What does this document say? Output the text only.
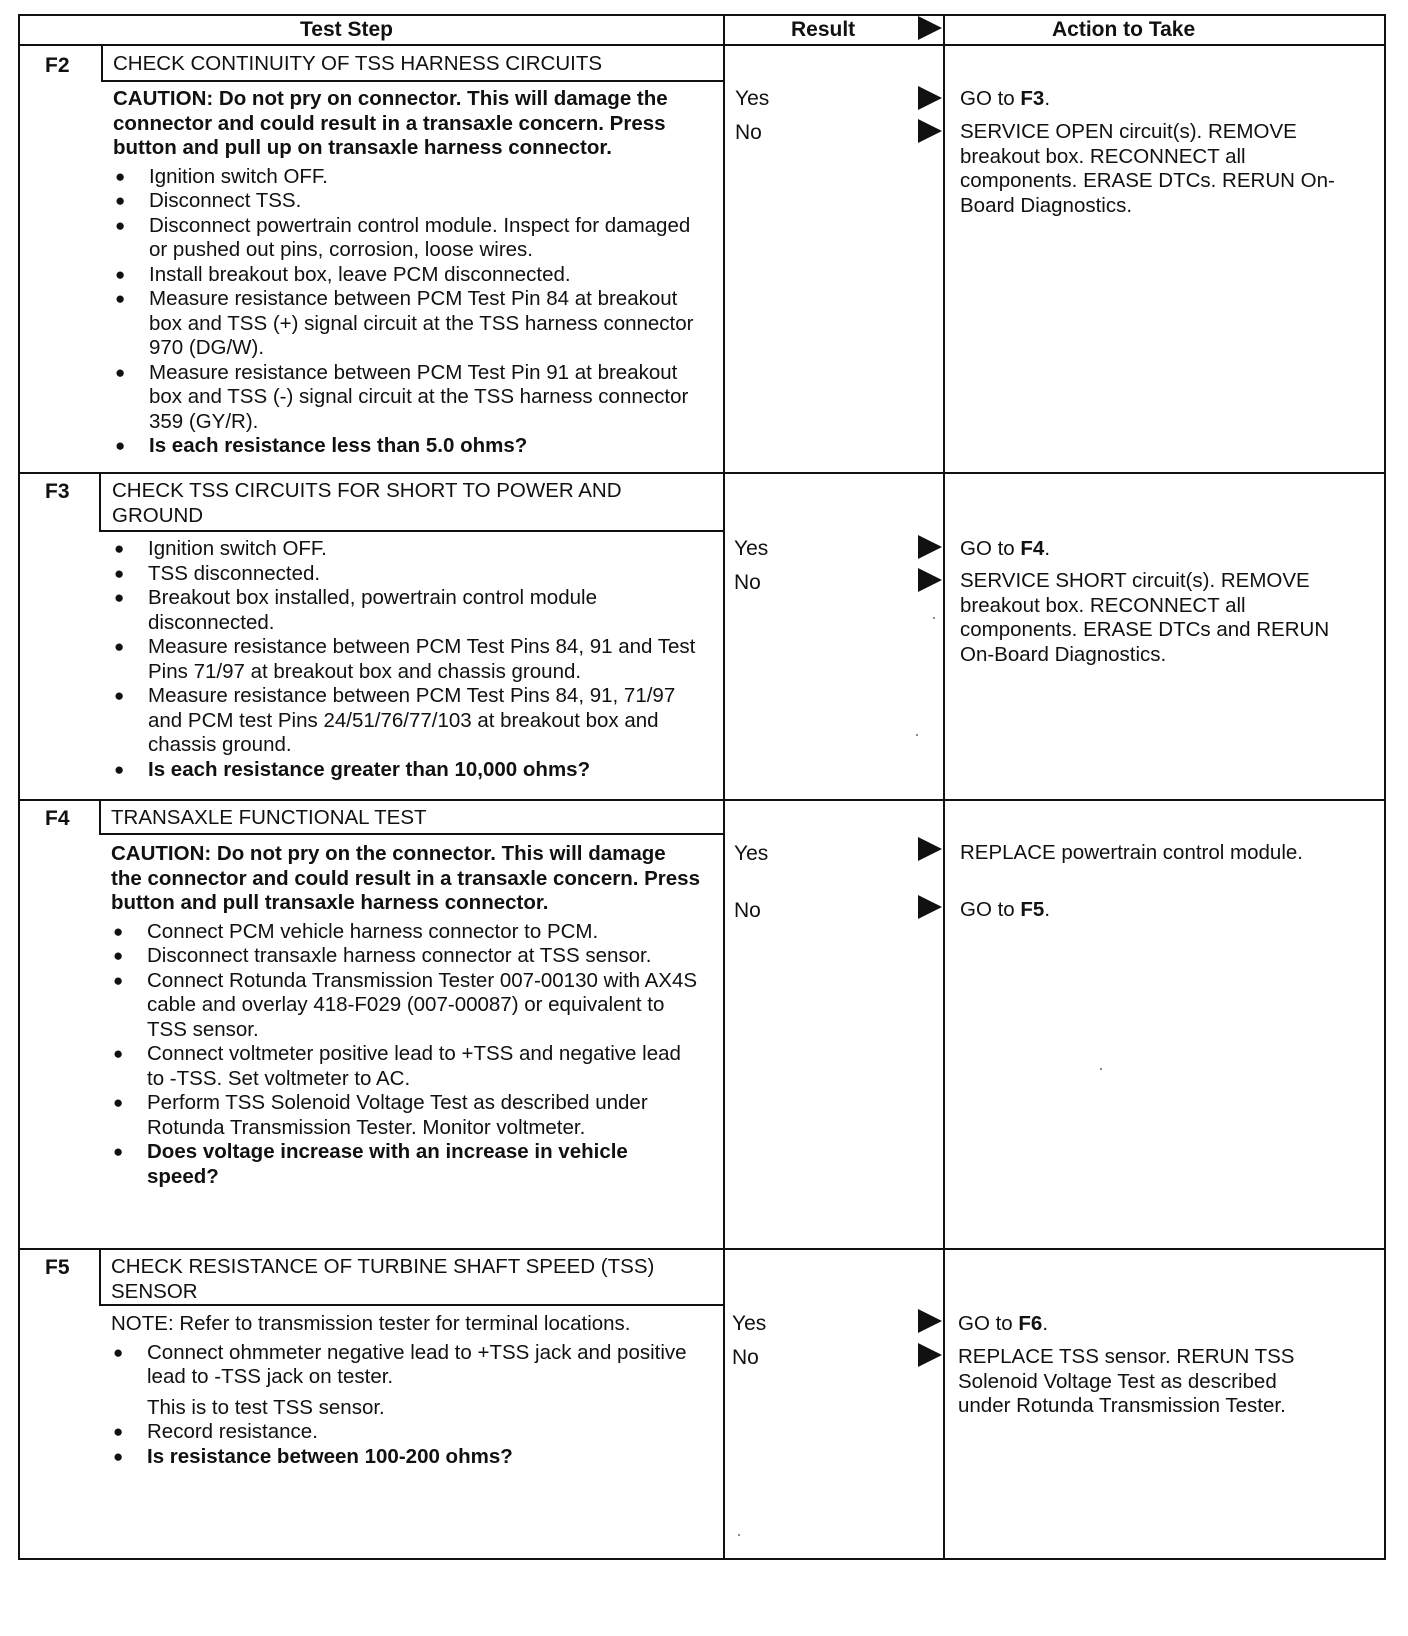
Test Step	Result	Action to Take
F2 CHECK CONTINUITY OF TSS HARNESS CIRCUITS
CAUTION: Do not pry on connector. This will damage the connector and could result in a transaxle concern. Press button and pull up on transaxle harness connector.
● Ignition switch OFF.
● Disconnect TSS.
● Disconnect powertrain control module. Inspect for damaged or pushed out pins, corrosion, loose wires.
● Install breakout box, leave PCM disconnected.
● Measure resistance between PCM Test Pin 84 at breakout box and TSS (+) signal circuit at the TSS harness connector 970 (DG/W).
● Measure resistance between PCM Test Pin 91 at breakout box and TSS (-) signal circuit at the TSS harness connector 359 (GY/R).
● Is each resistance less than 5.0 ohms?
Yes
No
GO to F3.
SERVICE OPEN circuit(s). REMOVE breakout box. RECONNECT all components. ERASE DTCs. RERUN On-Board Diagnostics.
F3 CHECK TSS CIRCUITS FOR SHORT TO POWER AND GROUND
● Ignition switch OFF.
● TSS disconnected.
● Breakout box installed, powertrain control module disconnected.
● Measure resistance between PCM Test Pins 84, 91 and Test Pins 71/97 at breakout box and chassis ground.
● Measure resistance between PCM Test Pins 84, 91, 71/97 and PCM test Pins 24/51/76/77/103 at breakout box and chassis ground.
● Is each resistance greater than 10,000 ohms?
Yes
No
GO to F4.
SERVICE SHORT circuit(s). REMOVE breakout box. RECONNECT all components. ERASE DTCs and RERUN On-Board Diagnostics.
F4 TRANSAXLE FUNCTIONAL TEST
CAUTION: Do not pry on the connector. This will damage the connector and could result in a transaxle concern. Press button and pull transaxle harness connector.
● Connect PCM vehicle harness connector to PCM.
● Disconnect transaxle harness connector at TSS sensor.
● Connect Rotunda Transmission Tester 007-00130 with AX4S cable and overlay 418-F029 (007-00087) or equivalent to TSS sensor.
● Connect voltmeter positive lead to +TSS and negative lead to -TSS. Set voltmeter to AC.
● Perform TSS Solenoid Voltage Test as described under Rotunda Transmission Tester. Monitor voltmeter.
● Does voltage increase with an increase in vehicle speed?
Yes
No
REPLACE powertrain control module.
GO to F5.
F5 CHECK RESISTANCE OF TURBINE SHAFT SPEED (TSS) SENSOR
NOTE: Refer to transmission tester for terminal locations.
● Connect ohmmeter negative lead to +TSS jack and positive lead to -TSS jack on tester.
This is to test TSS sensor.
● Record resistance.
● Is resistance between 100-200 ohms?
Yes
No
GO to F6.
REPLACE TSS sensor. RERUN TSS Solenoid Voltage Test as described under Rotunda Transmission Tester.
